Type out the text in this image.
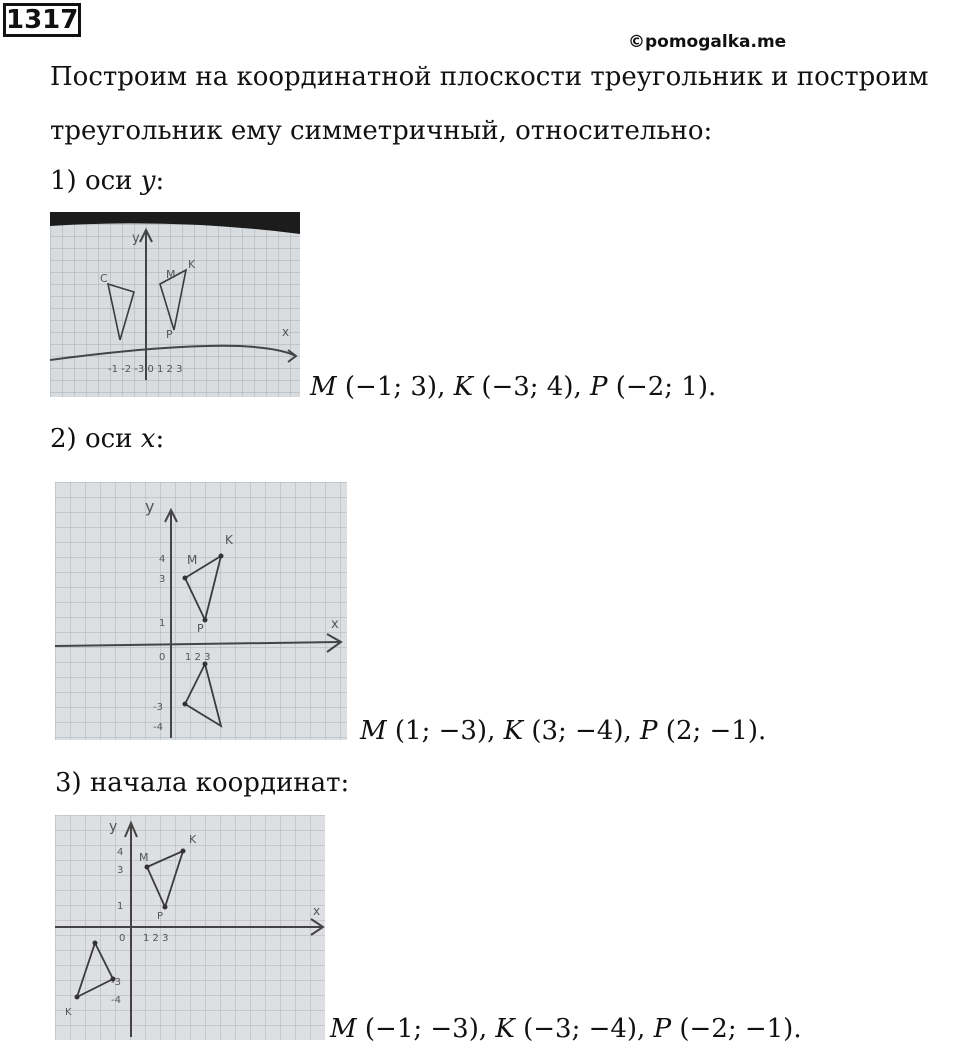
1317
©pomogalka.me
Построим на координатной плоскости треугольник и построим
треугольник ему симметричный, относительно:
1) оси y:
y
x
C	M
K
P
-1 -2 -3 0 1 2 3
M (−1; 3), K (−3; 4), P (−2; 1).
2) оси x:
y
x
M
K
P
4
3
1
-3
-4
0 1 2 3
M (1; −3), K (3; −4), P (2; −1).
3) начала координат:
y
x
M
K
P
4
3
1
-3
-4
0 1 2 3
K
M (−1; −3), K (−3; −4), P (−2; −1).
